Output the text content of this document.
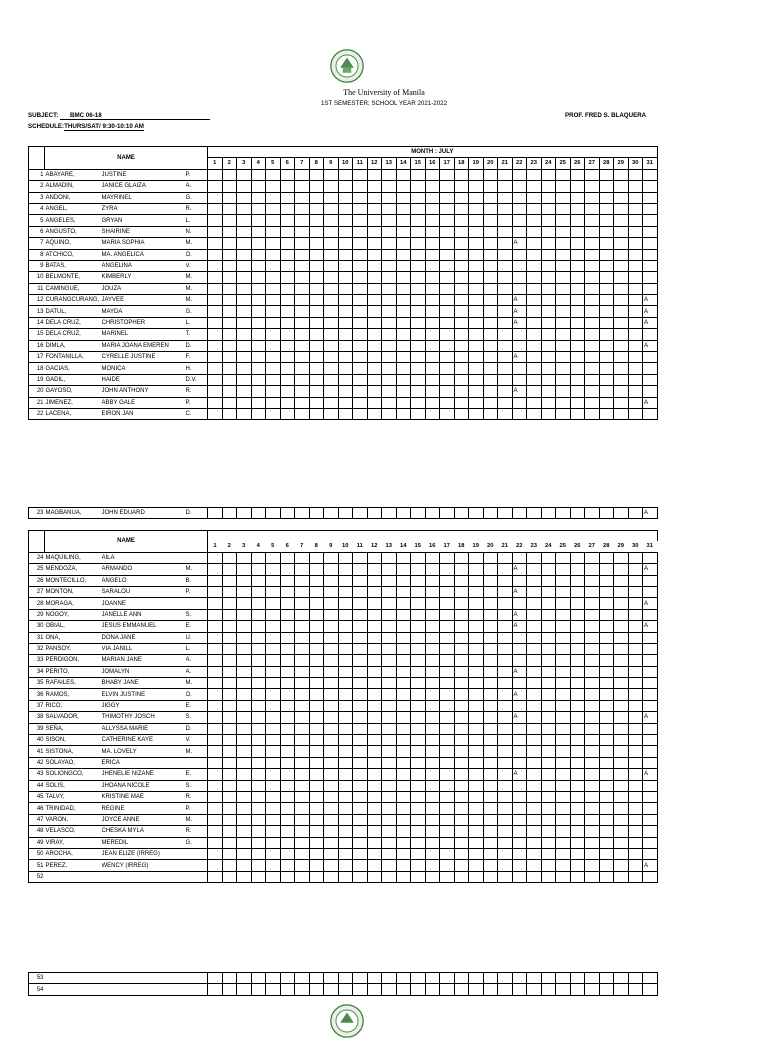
The University of Manila
1ST SEMESTER; SCHOOL YEAR 2021-2022
SUBJECT: BMC 06-18
SCHEDULE:THURS/SAT/ 9:30-10:10 AM
PROF. FRED S. BLAQUERA
	NAME			MONTH : JULY																														
				1	2	3	4	5	6	7	8	9	10	11	12	13	14	15	16	17	18	19	20	21	22	23	24	25	26	27	28	29	30	31
1	ABAYARE,	JUSTINE	P.																															
2	ALMADIN,	JANICE GLAIZA	A.																															
3	ANDONI,	MAYRINEL	G.																															
4	ANGEL,	ZYRA	R.																															
5	ANGELES,	GRYAN	L.																															
6	ANGUSTO,	SHAIRINE	N.																															
7	AQUINO,	MARIA SOPHIA	M.																						A									
8	ATCHICO,	MA. ANGELICA	O.																															
9	BATAS,	ANGELINA	V.																															
10	BELMONTE,	KIMBERLY	M.																															
11	CAMINGUE,	JOUZA	M.																															
12	CURANGCURANG,	JAYVEE	M.																						A									A
13	DATUL,	MAYDA	G.																						A									A
14	DELA CRUZ,	CHRISTOPHER	L.																						A									A
15	DELA CRUZ,	MARINEL	T.																															
16	DIMLA,	MARIA JOANA EMEREN	D.																															A
17	FONTANILLA,	CYRELLE JUSTINE	F.																						A									
18	GACIAS,	MONICA	H.																															
19	GADIL,	HAIDE	D.V.																															
20	GAYOSO,	JOHN ANTHONY	R.																						A									
21	JIMENEZ,	ABBY GALE	P.																															A
22	LACENA,	EIRON JAN	C.																															
23	MAGBANUA,	JOHN EDUARD	D.																															A
	NAME																																	
				1	2	3	4	5	6	7	8	9	10	11	12	13	14	15	16	17	18	19	20	21	22	23	24	25	26	27	28	29	30	31
24	MAQUILING,	AILA																																
25	MENDOZA,	ARMANDO	M.																						A									A
26	MONTECILLO,	ANGELO	B.																															
27	MONTON,	SARALOU	P.																						A									
28	MORAGA,	JOANNE																																A
29	NOGOY,	JANELLE ANN	S.																						A									
30	OBIAL,	JESUS EMMANUEL	E.																						A									A
31	ONA,	DONA JANE	U.																															
32	PANSOY,	VIA JANILL	L.																															
33	PERDIGON,	MARIAN JANE	A.																															
34	PERITO,	JOMALYN	A.																						A									
35	RAFAILES,	BHABY JANE	M.																															
36	RAMOS,	ELVIN JUSTINE	O.																						A									
37	RICO,	JIGGY	E.																															
38	SALVADOR,	THIMOTHY JOSCH	S.																						A									A
39	SEÑA,	ALLYSSA MARIE	D.																															
40	SISON,	CATHERINE KAYE	V.																															
41	SISTONA,	MA. LOVELY	M.																															
42	SOLAYAO,	ERICA																																
43	SOLIONGCO,	JHENELIE NIZANE	E.																						A									A
44	SOLIS,	JHOANA NICOLE	S.																															
45	TALVY,	KRISTINE MAE	R.																															
46	TRINIDAD,	REGINE	P.																															
47	VARON,	JOYCE ANNE	M.																															
48	VELASCO,	CHESKA MYLA	R.																															
49	VIRAY,	MEREDIL	G.																															
50	AROCHA,	JEAN ELIZE (IRREG)																																
51	PEREZ,	WENCY (IRREG)																																A
52																																		
53																																		
54																																		
